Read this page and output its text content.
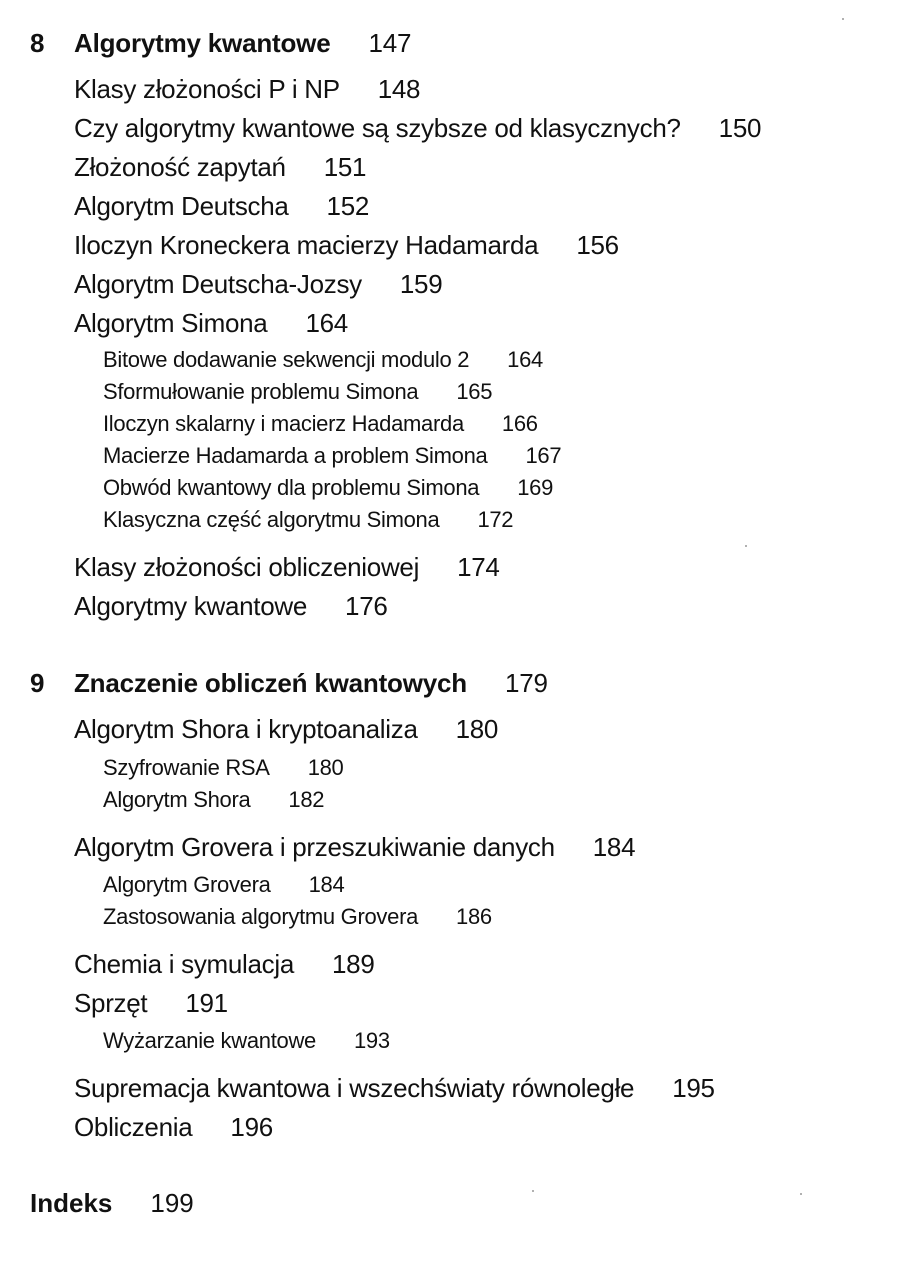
8 Algorytmy kwantowe 147
Klasy złożoności P i NP 148
Czy algorytmy kwantowe są szybsze od klasycznych? 150
Złożoność zapytań 151
Algorytm Deutscha 152
Iloczyn Kroneckera macierzy Hadamarda 156
Algorytm Deutscha-Jozsy 159
Algorytm Simona 164
Bitowe dodawanie sekwencji modulo 2 164
Sformułowanie problemu Simona 165
Iloczyn skalarny i macierz Hadamarda 166
Macierze Hadamarda a problem Simona 167
Obwód kwantowy dla problemu Simona 169
Klasyczna część algorytmu Simona 172
Klasy złożoności obliczeniowej 174
Algorytmy kwantowe 176
9 Znaczenie obliczeń kwantowych 179
Algorytm Shora i kryptoanaliza 180
Szyfrowanie RSA 180
Algorytm Shora 182
Algorytm Grovera i przeszukiwanie danych 184
Algorytm Grovera 184
Zastosowania algorytmu Grovera 186
Chemia i symulacja 189
Sprzęt 191
Wyżarzanie kwantowe 193
Supremacja kwantowa i wszechświaty równoległe 195
Obliczenia 196
Indeks 199
